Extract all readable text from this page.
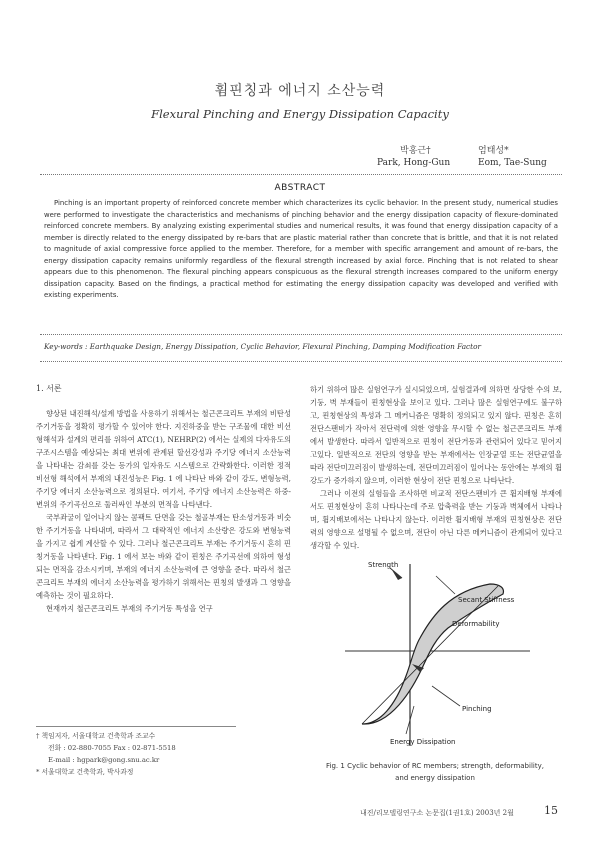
휨핀칭과 에너지 소산능력
Flexural Pinching and Energy Dissipation Capacity
박홍근†	엄태성*
Park, Hong-Gun	Eom, Tae-Sung
ABSTRACT
Pinching is an important property of reinforced concrete member which characterizes its cyclic behavior. In the present study, numerical studies were performed to investigate the characteristics and mechanisms of pinching behavior and the energy dissipation capacity of flexure-dominated reinforced concrete members. By analyzing existing experimental studies and numerical results, it was found that energy dissipation capacity of a member is directly related to the energy dissipated by re-bars that are plastic material rather than concrete that is brittle, and that it is not related to magnitude of axial compressive force applied to the member. Therefore, for a member with specific arrangement and amount of re-bars, the energy dissipation capacity remains uniformly regardless of the flexural strength increased by axial force. Pinching that is not related to shear appears due to this phenomenon. The flexural pinching appears conspicuous as the flexural strength increases compared to the uniform energy dissipation capacity. Based on the findings, a practical method for estimating the energy dissipation capacity was developed and verified with existing experiments.
Key-words : Earthquake Design, Energy Dissipation, Cyclic Behavior, Flexural Pinching, Damping Modification Factor
1. 서론

향상된 내진해석/설계 방법을 사용하기 위해서는 철근콘크리트 부재의 비탄성 주기거동을 정확히 평가할 수 있어야 한다. 지진하중을 받는 구조물에 대한 비선형해석과 설계의 편리를 위하여 ATC(1), NEHRP(2) 에서는 실제의 다자유도의 구조시스템을 예상되는 최대 변위에 관계된 할선강성과 주기당 에너지 소산능력을 나타내는 감쇠를 갖는 등가의 일자유도 시스템으로 간략화한다. 이러한 정적 비선형 해석에서 부재의 내진성능은 Fig. 1 에 나타난 바와 같이 강도, 변형능력, 주기당 에너지 소산능력으로 정의된다. 여기서, 주기당 에너지 소산능력은 하중-변위의 주기곡선으로 둘러싸인 부분의 면적을 나타낸다.

국부좌굴이 일어나지 않는 콤팩트 단면을 갖는 철골부재는 탄소성거동과 비슷한 주기거동을 나타내며, 따라서 그 대략적인 에너지 소산량은 강도와 변형능력을 가지고 쉽게 계산할 수 있다. 그러나 철근콘크리트 부재는 주기거동시 흔히 핀칭거동을 나타낸다. Fig. 1 에서 보는 바와 같이 핀칭은 주기곡선에 의하여 형성되는 면적을 감소시키며, 부재의 에너지 소산능력에 큰 영향을 준다. 따라서 철근콘크리트 부재의 에너지 소산능력을 평가하기 위해서는 핀칭의 발생과 그 영향을 예측하는 것이 필요하다.

현재까지 철근콘크리트 부재의 주기거동 특성을 연구

하기 위하여 많은 실험연구가 실시되었으며, 실험결과에 의하면 상당한 수의 보, 기둥, 벽 부재들이 핀칭현상을 보이고 있다. 그러나 많은 실험연구에도 불구하고, 핀칭현상의 특성과 그 메커니즘은 명확히 정의되고 있지 않다. 핀칭은 흔히 전단스팬비가 작아서 전단력에 의한 영향을 무시할 수 없는 철근콘크리트 부재에서 발생한다. 따라서 일반적으로 핀칭이 전단거동과 관련되어 있다고 믿어지고있다. 일반적으로 전단의 영향을 받는 부재에서는 인장균열 또는 전단균열을 따라 전단미끄러짐이 발생하는데, 전단미끄러짐이 일어나는 동안에는 부재의 휨강도가 증가하지 않으며, 이러한 현상이 전단 핀칭으로 나타난다.

그러나 이전의 실험들을 조사하면 비교적 전단스팬비가 큰 휨지배형 부재에서도 핀칭현상이 흔히 나타나는데 주로 압축력을 받는 기둥과 벽체에서 나타나며, 휨지배보에서는 나타나지 않는다. 이러한 휨지배형 부재의 핀칭현상은 전단력의 영향으로 설명될 수 없으며, 전단이 아닌 다른 메커니즘이 관계되어 있다고 생각할 수 있다.

† 책임저자, 서울대학교 건축학과 조교수
전화 : 02-880-7055 Fax : 02-871-5518
E-mail : hgpark@gong.snu.ac.kr
* 서울대학교 건축학과, 박사과정
Strength
Secant Stiffness
Deformability
Pinching
Energy Dissipation
Fig. 1 Cyclic behavior of RC members; strength, deformability,
and energy dissipation
내진/리모델링연구소 논문집(1권1호) 2003년 2월	15
